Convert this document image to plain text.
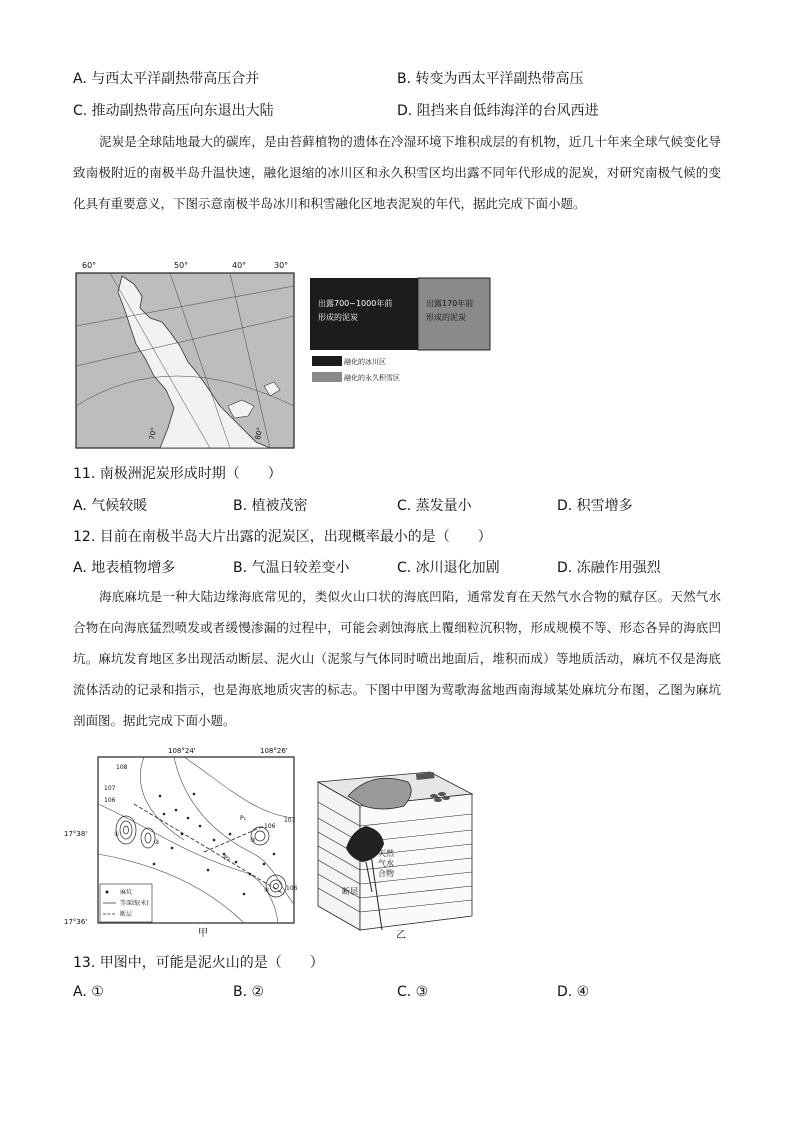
A. 与西太平洋副热带高压合并	B. 转变为西太平洋副热带高压
C. 推动副热带高压向东退出大陆	D. 阻挡来自低纬海洋的台风西进

泥炭是全球陆地最大的碳库，是由苔藓植物的遗体在冷湿环境下堆积成层的有机物，近几十年来全球气候变化导致南极附近的南极半岛升温快速，融化退缩的冰川区和永久积雪区均出露不同年代形成的泥炭，对研究南极气候的变化具有重要意义，下图示意南极半岛冰川和积雪融化区地表泥炭的年代，据此完成下面小题。

60°	50°	40°	30°
70°	80°
出露700~1000年前
形成的泥炭
出露170年前
形成的泥炭
融化的冰川区
融化的永久积雪区
11. 南极洲泥炭形成时期（　　）
A. 气候较暖	B. 植被茂密	C. 蒸发量小	D. 积雪增多
12. 目前在南极半岛大片出露的泥炭区，出现概率最小的是（　　）
A. 地表植物增多	B. 气温日较差变小	C. 冰川退化加剧	D. 冻融作用强烈

海底麻坑是一种大陆边缘海底常见的，类似火山口状的海底凹陷，通常发育在天然气水合物的赋存区。天然气水合物在向海底猛烈喷发或者缓慢渗漏的过程中，可能会剥蚀海底上覆细粒沉积物，形成规模不等、形态各异的海底凹坑。麻坑发育地区多出现活动断层、泥火山（泥浆与气体同时喷出地面后，堆积而成）等地质活动，麻坑不仅是海底流体活动的记录和指示，也是海底地质灾害的标志。下图中甲图为莺歌海盆地西南海域某处麻坑分布图，乙图为麻坑剖面图。据此完成下面小题。

108°24'	108°26'
17°38'
17°36'
108
107
106
107
106
106
P₁
P₂
①
②	③
④
麻坑
等深线(米)
断层
甲
天然
气水
合物
断层
乙
13. 甲图中，可能是泥火山的是（　　）
A. ①	B. ②	C. ③	D. ④
